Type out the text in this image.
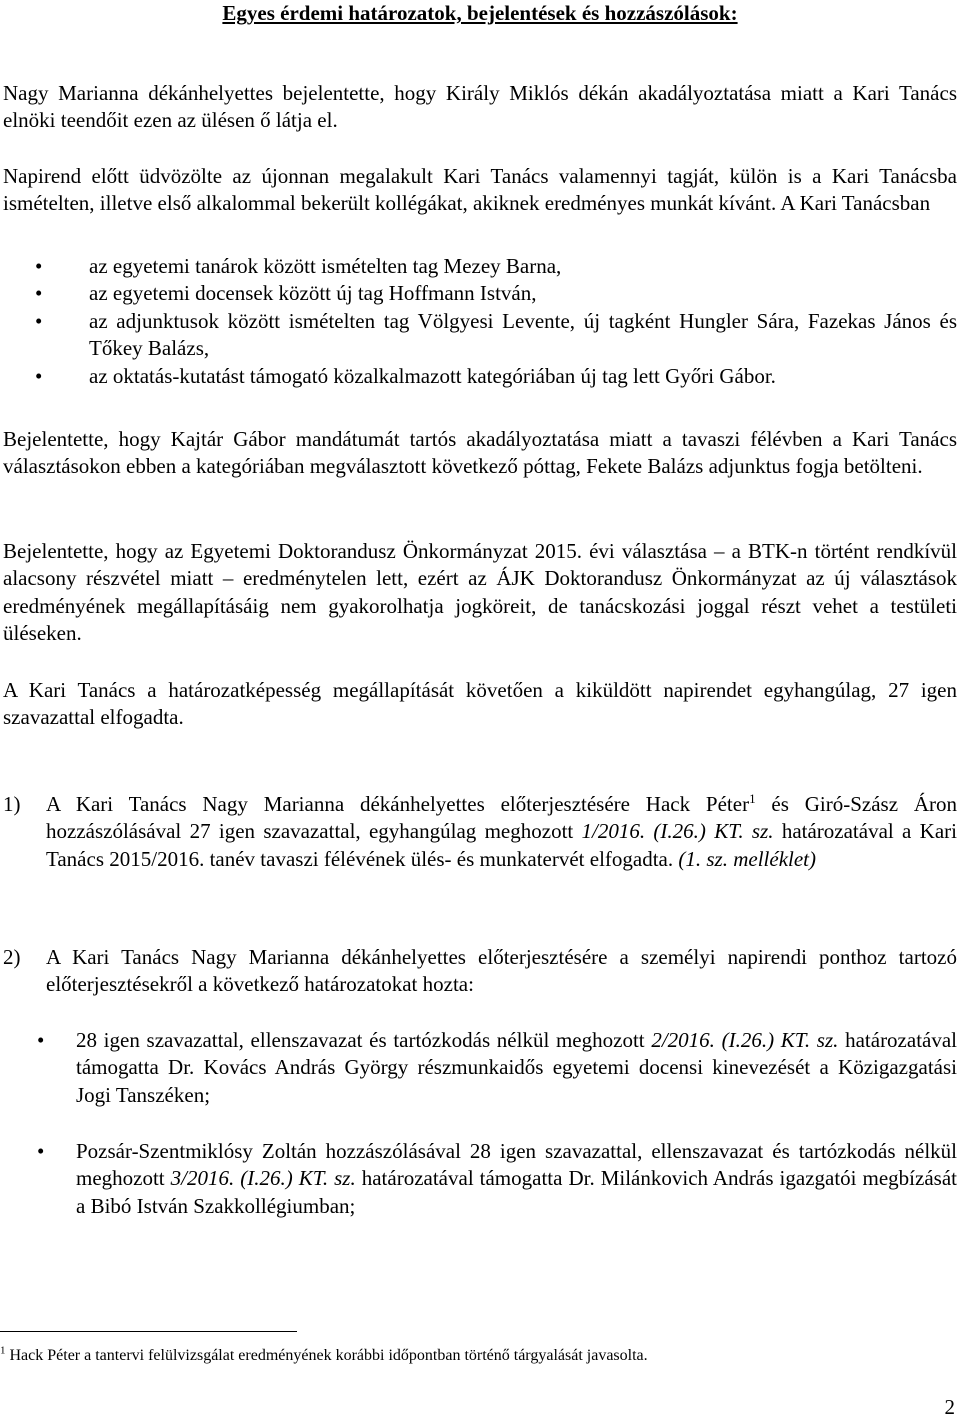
Egyes érdemi határozatok, bejelentések és hozzászólások:
Nagy Marianna dékánhelyettes bejelentette, hogy Király Miklós dékán akadályoztatása miatt a Kari Tanács elnöki teendőit ezen az ülésen ő látja el.
Napirend előtt üdvözölte az újonnan megalakult Kari Tanács valamennyi tagját, külön is a Kari Tanácsba ismételten, illetve első alkalommal bekerült kollégákat, akiknek eredményes munkát kívánt. A Kari Tanácsban
•	az egyetemi tanárok között ismételten tag Mezey Barna,
•	az egyetemi docensek között új tag Hoffmann István,
•	az adjunktusok között ismételten tag Völgyesi Levente, új tagként Hungler Sára, Fazekas János és Tőkey Balázs,
•	az oktatás-kutatást támogató közalkalmazott kategóriában új tag lett Győri Gábor.
Bejelentette, hogy Kajtár Gábor mandátumát tartós akadályoztatása miatt a tavaszi félévben a Kari Tanács választásokon ebben a kategóriában megválasztott következő póttag, Fekete Balázs adjunktus fogja betölteni.
Bejelentette, hogy az Egyetemi Doktorandusz Önkormányzat 2015. évi választása – a BTK-n történt rendkívül alacsony részvétel miatt – eredménytelen lett, ezért az ÁJK Doktorandusz Önkormányzat az új választások eredményének megállapításáig nem gyakorolhatja jogköreit, de tanácskozási joggal részt vehet a testületi üléseken.
A Kari Tanács a határozatképesség megállapítását követően a kiküldött napirendet egyhangúlag, 27 igen szavazattal elfogadta.
1) A Kari Tanács Nagy Marianna dékánhelyettes előterjesztésére Hack Péter$^1$ és Giró-Szász Áron hozzászólásával 27 igen szavazattal, egyhangúlag meghozott 1/2016. (I.26.) KT. sz. határozatával a Kari Tanács 2015/2016. tanév tavaszi félévének ülés- és munkatervét elfogadta. (1. sz. melléklet)
2) A Kari Tanács Nagy Marianna dékánhelyettes előterjesztésére a személyi napirendi ponthoz tartozó előterjesztésekről a következő határozatokat hozta:
• 28 igen szavazattal, ellenszavazat és tartózkodás nélkül meghozott 2/2016. (I.26.) KT. sz. határozatával támogatta Dr. Kovács András György részmunkaidős egyetemi docensi kinevezését a Közigazgatási Jogi Tanszéken;
• Pozsár-Szentmiklósy Zoltán hozzászólásával 28 igen szavazattal, ellenszavazat és tartózkodás nélkül meghozott 3/2016. (I.26.) KT. sz. határozatával támogatta Dr. Milánkovich András igazgatói megbízását a Bibó István Szakkollégiumban;
$^1$ Hack Péter a tantervi felülvizsgálat eredményének korábbi időpontban történő tárgyalását javasolta.
2
